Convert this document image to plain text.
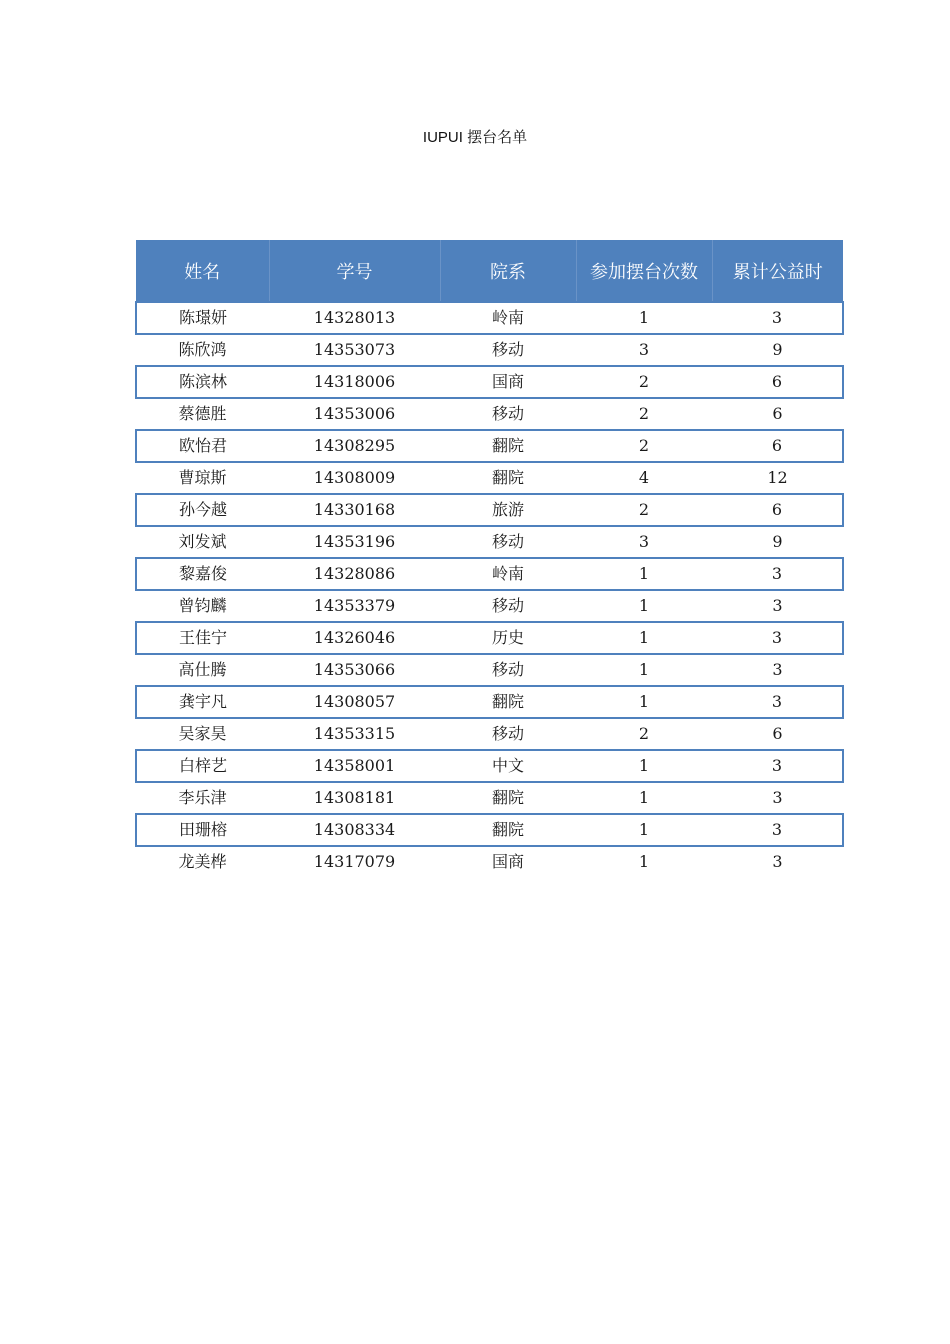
IUPUI 摆台名单
姓名	学号	院系	参加摆台次数	累计公益时
陈璟妍	14328013	岭南	1	3
陈欣鸿	14353073	移动	3	9
陈滨林	14318006	国商	2	6
蔡德胜	14353006	移动	2	6
欧怡君	14308295	翻院	2	6
曹琼斯	14308009	翻院	4	12
孙今越	14330168	旅游	2	6
刘发斌	14353196	移动	3	9
黎嘉俊	14328086	岭南	1	3
曾钧麟	14353379	移动	1	3
王佳宁	14326046	历史	1	3
高仕腾	14353066	移动	1	3
龚宇凡	14308057	翻院	1	3
吴家昊	14353315	移动	2	6
白梓艺	14358001	中文	1	3
李乐津	14308181	翻院	1	3
田珊榕	14308334	翻院	1	3
龙美桦	14317079	国商	1	3
